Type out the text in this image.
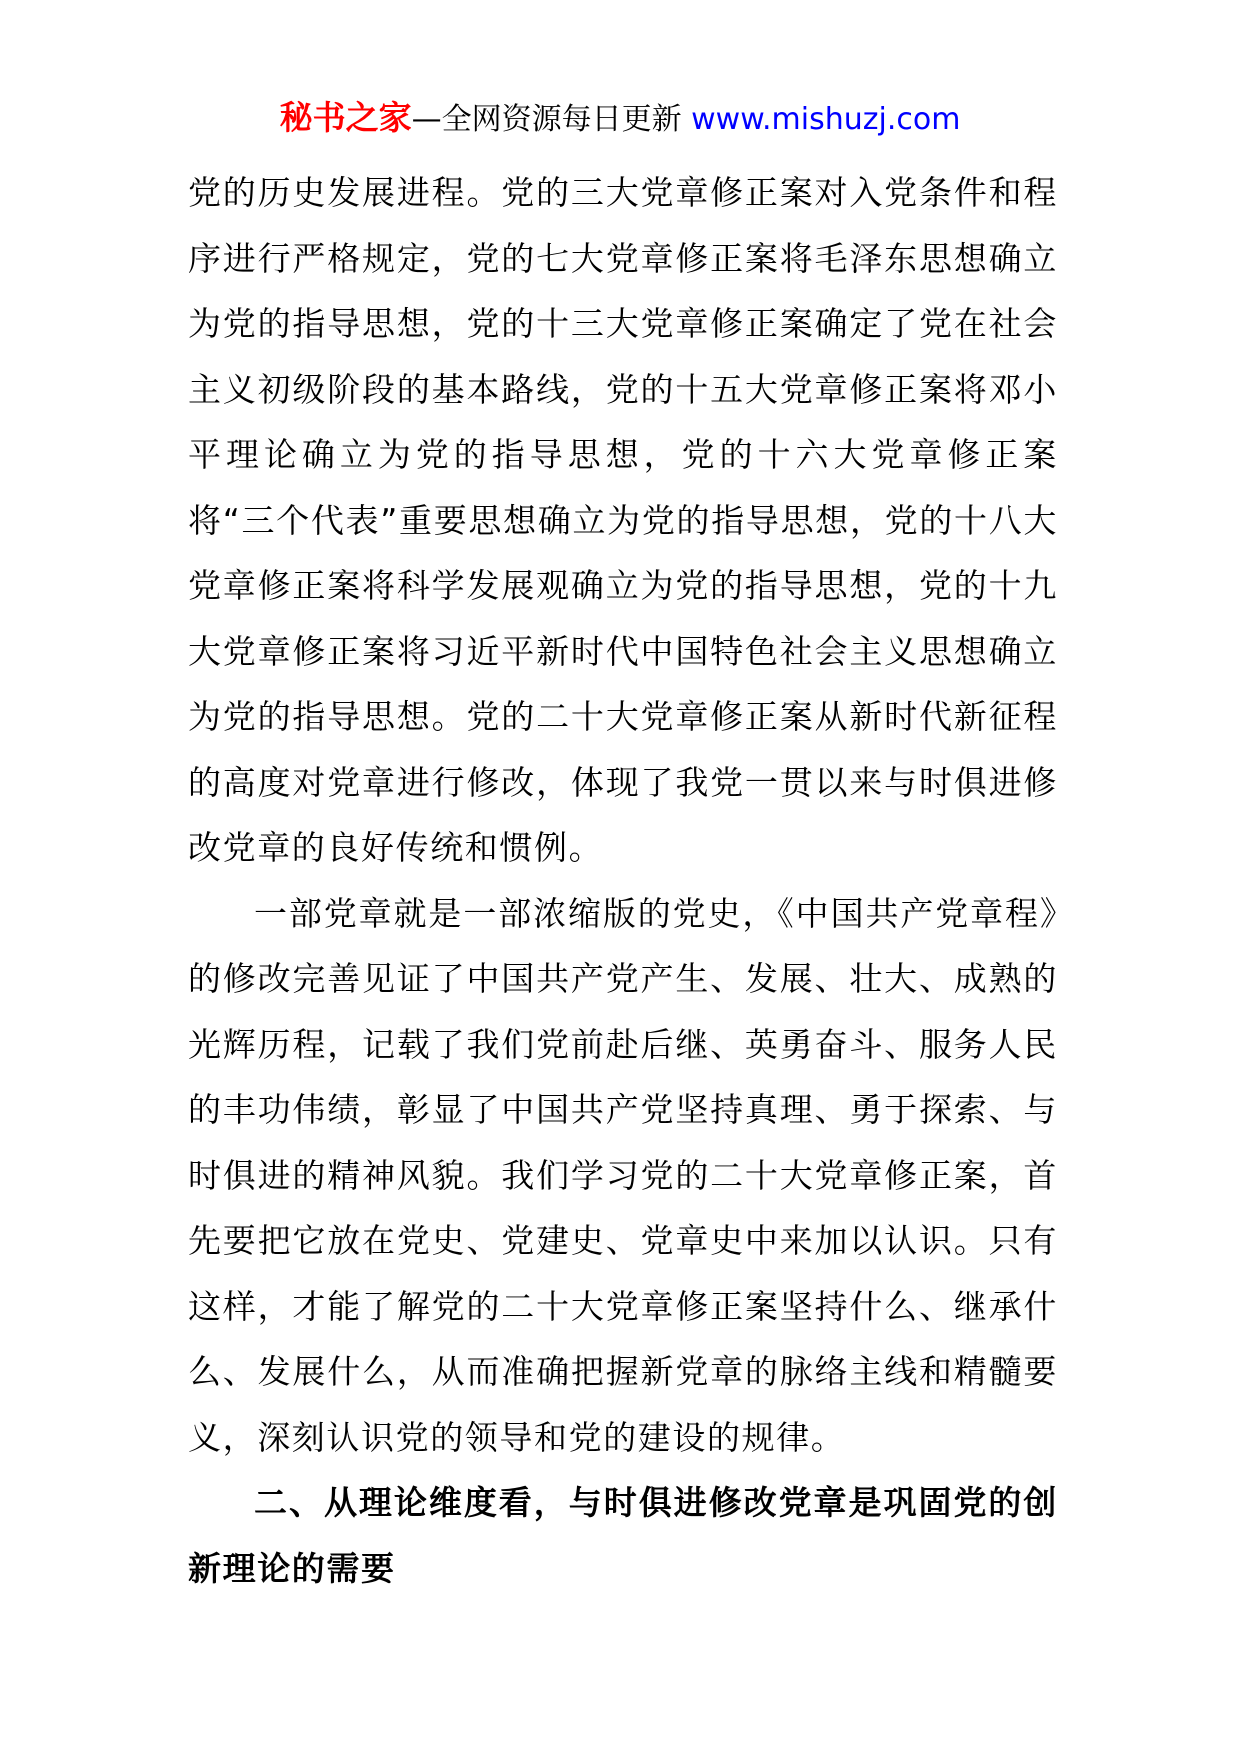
秘书之家—全网资源每日更新 www.mishuzj.com

党的历史发展进程。党的三大党章修正案对入党条件和程序进行严格规定，党的七大党章修正案将毛泽东思想确立为党的指导思想，党的十三大党章修正案确定了党在社会主义初级阶段的基本路线，党的十五大党章修正案将邓小平理论确立为党的指导思想，党的十六大党章修正案将“三个代表”重要思想确立为党的指导思想，党的十八大党章修正案将科学发展观确立为党的指导思想，党的十九大党章修正案将习近平新时代中国特色社会主义思想确立为党的指导思想。党的二十大党章修正案从新时代新征程的高度对党章进行修改，体现了我党一贯以来与时俱进修改党章的良好传统和惯例。

一部党章就是一部浓缩版的党史，《中国共产党章程》的修改完善见证了中国共产党产生、发展、壮大、成熟的光辉历程，记载了我们党前赴后继、英勇奋斗、服务人民的丰功伟绩，彰显了中国共产党坚持真理、勇于探索、与时俱进的精神风貌。我们学习党的二十大党章修正案，首先要把它放在党史、党建史、党章史中来加以认识。只有这样，才能了解党的二十大党章修正案坚持什么、继承什么、发展什么，从而准确把握新党章的脉络主线和精髓要义，深刻认识党的领导和党的建设的规律。

二、从理论维度看，与时俱进修改党章是巩固党的创新理论的需要
